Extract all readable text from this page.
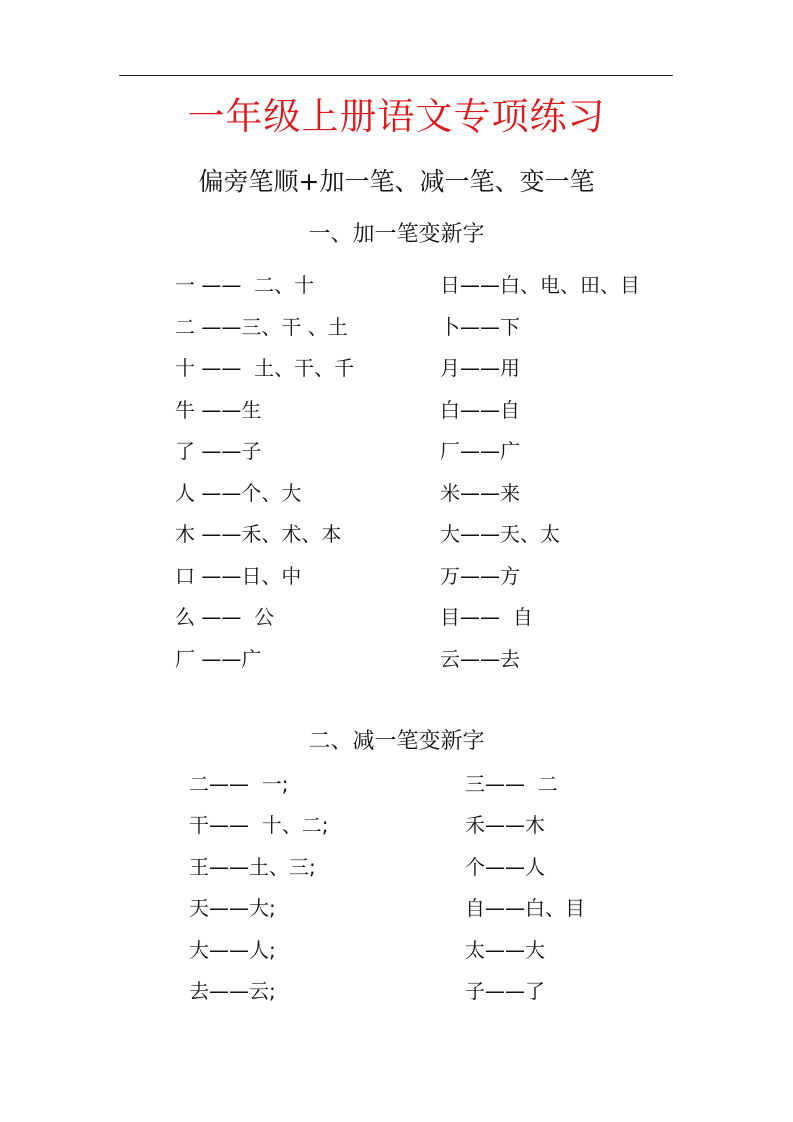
一年级上册语文专项练习
偏旁笔顺+加一笔、减一笔、变一笔
一、加一笔变新字
一 ——  二、十
二 ——三、干 、土
十 ——  土、干、千
牛 ——生
了 ——子
人 ——个、大
木 ——禾、术、本
口 ——日、中
么 ——  公
厂 ——广
日——白、电、田、目
卜——下
月——用
白——自
厂——广
米——来
大——天、太
万——方
目——  自
云——去
二、减一笔变新字
二——  一;
干——  十、二;
王——土、三;
天——大;
大——人;
去——云;
三——  二
禾——木
个——人
自——白、目
太——大
子——了
